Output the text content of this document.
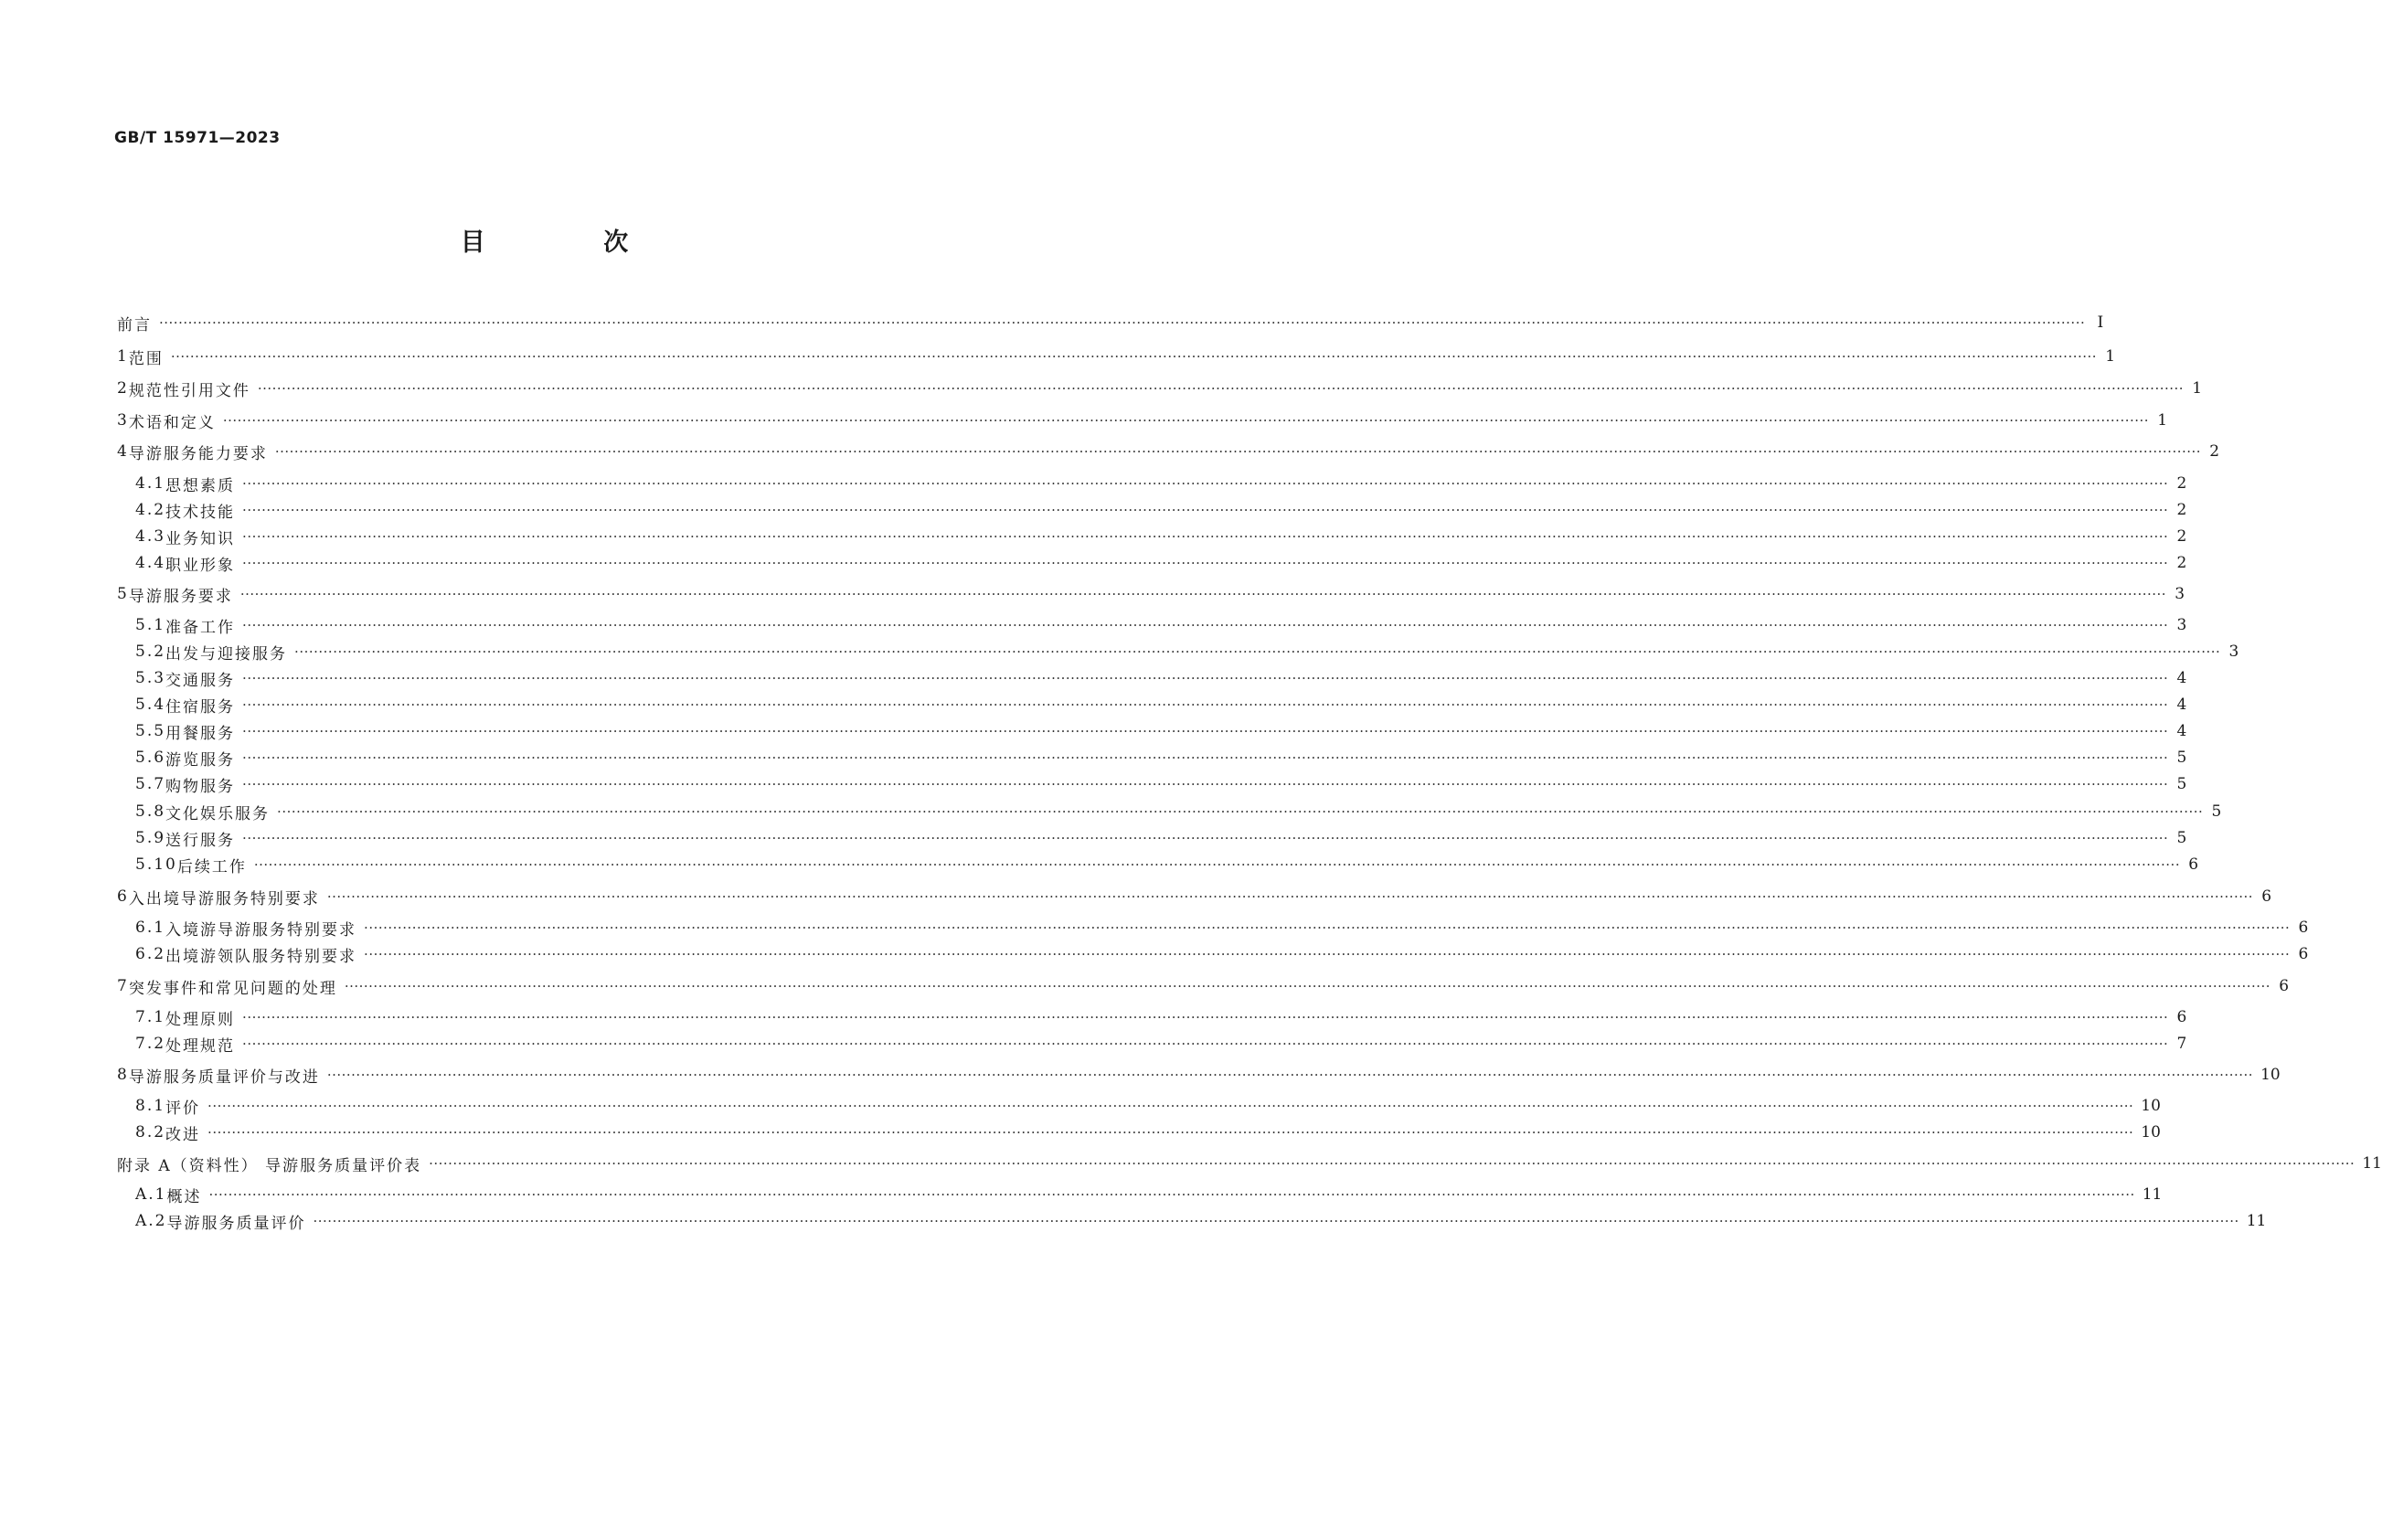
GB/T 15971—2023
目 次
前言 ················································································································································································································································································································································································································ Ⅰ
1 范围 ················································································································································································································································································································································································································ 1
2 规范性引用文件 ················································································································································································································································································································································································································ 1
3 术语和定义 ················································································································································································································································································································································································································ 1
4 导游服务能力要求 ················································································································································································································································································································································································································ 2
4.1 思想素质 ················································································································································································································································································································································································································ 2
4.2 技术技能 ················································································································································································································································································································································································································ 2
4.3 业务知识 ················································································································································································································································································································································································································ 2
4.4 职业形象 ················································································································································································································································································································································································································ 2
5 导游服务要求 ················································································································································································································································································································································································································ 3
5.1 准备工作 ················································································································································································································································································································································································································ 3
5.2 出发与迎接服务 ················································································································································································································································································································································································································ 3
5.3 交通服务 ················································································································································································································································································································································································································ 4
5.4 住宿服务 ················································································································································································································································································································································································································ 4
5.5 用餐服务 ················································································································································································································································································································································································································ 4
5.6 游览服务 ················································································································································································································································································································································································································ 5
5.7 购物服务 ················································································································································································································································································································································································································ 5
5.8 文化娱乐服务 ················································································································································································································································································································································································································ 5
5.9 送行服务 ················································································································································································································································································································································································································ 5
5.10 后续工作 ················································································································································································································································································································································································································ 6
6 入出境导游服务特别要求 ················································································································································································································································································································································································································ 6
6.1 入境游导游服务特别要求 ················································································································································································································································································································································································································ 6
6.2 出境游领队服务特别要求 ················································································································································································································································································································································································································ 6
7 突发事件和常见问题的处理 ················································································································································································································································································································································································································ 6
7.1 处理原则 ················································································································································································································································································································································································································ 6
7.2 处理规范 ················································································································································································································································································································································································································ 7
8 导游服务质量评价与改进 ················································································································································································································································································································································································································ 10
8.1 评价 ················································································································································································································································································································································································································ 10
8.2 改进 ················································································································································································································································································································································································································ 10
附录 A（资料性） 导游服务质量评价表 ················································································································································································································································································································································································································ 11
A.1 概述 ················································································································································································································································································································································································································ 11
A.2 导游服务质量评价 ················································································································································································································································································································································································································ 11
